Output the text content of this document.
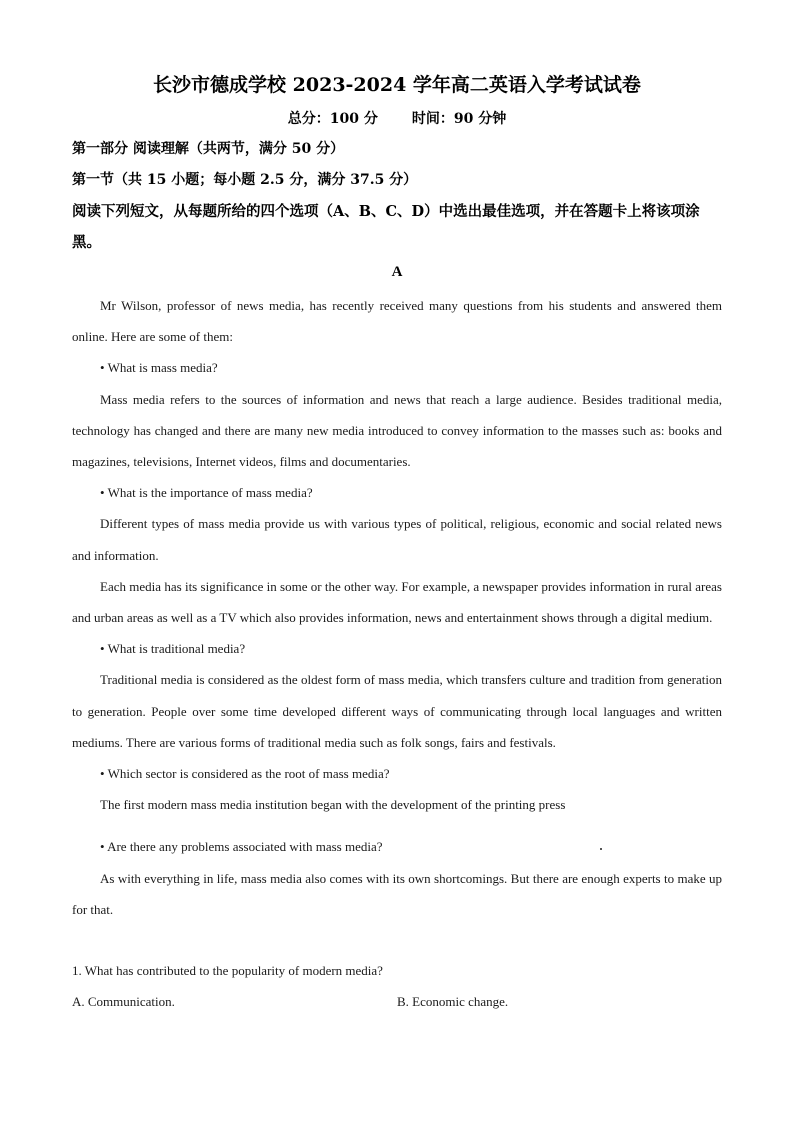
长沙市德成学校 2023-2024 学年高二英语入学考试试卷
总分：100 分 时间：90 分钟
第一部分 阅读理解（共两节，满分 50 分）
第一节（共 15 小题；每小题 2.5 分，满分 37.5 分）
阅读下列短文，从每题所给的四个选项（A、B、C、D）中选出最佳选项，并在答题卡上将该项涂黑。
A

Mr Wilson, professor of news media, has recently received many questions from his students and answered them online. Here are some of them:

• What is mass media?

Mass media refers to the sources of information and news that reach a large audience. Besides traditional media, technology has changed and there are many new media introduced to convey information to the masses such as: books and magazines, televisions, Internet videos, films and documentaries.

• What is the importance of mass media?

Different types of mass media provide us with various types of political, religious, economic and social related news and information.

Each media has its significance in some or the other way. For example, a newspaper provides information in rural areas and urban areas as well as a TV which also provides information, news and entertainment shows through a digital medium.

• What is traditional media?

Traditional media is considered as the oldest form of mass media, which transfers culture and tradition from generation to generation. People over some time developed different ways of communicating through local languages and written mediums. There are various forms of traditional media such as folk songs, fairs and festivals.

• Which sector is considered as the root of mass media?

The first modern mass media institution began with the development of the printing press

• Are there any problems associated with mass media?

As with everything in life, mass media also comes with its own shortcomings. But there are enough experts to make up for that.

1. What has contributed to the popularity of modern media?
A. Communication.	B. Economic change.
